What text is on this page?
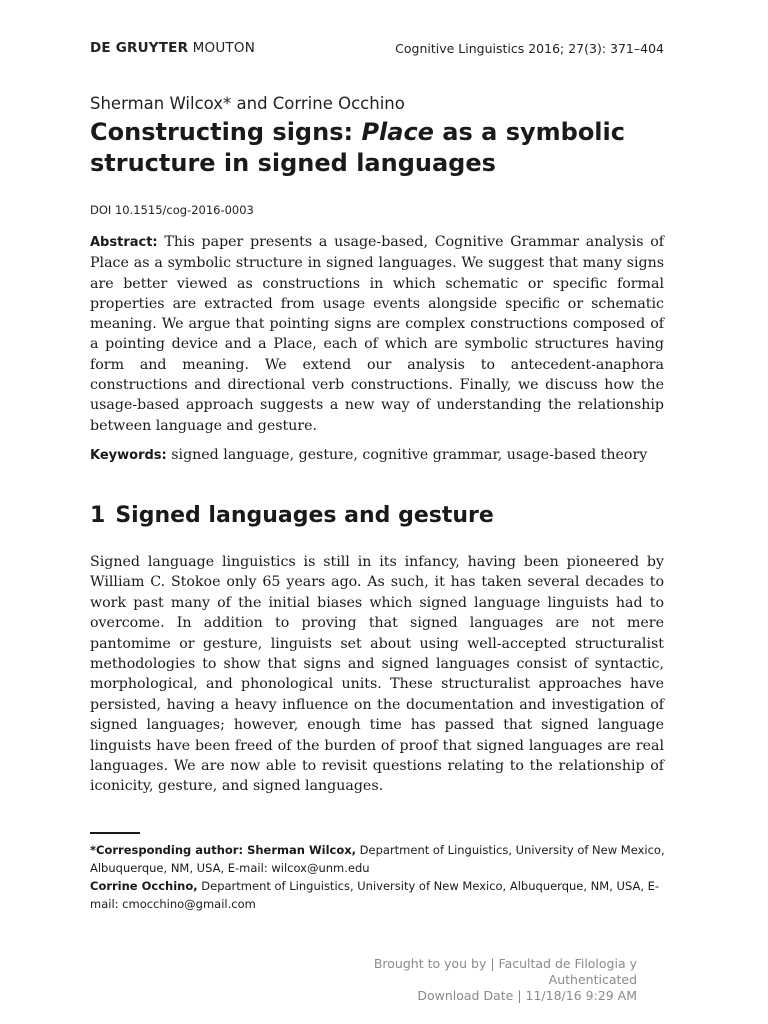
DE GRUYTER MOUTON	Cognitive Linguistics 2016; 27(3): 371–404
Sherman Wilcox* and Corrine Occhino
Constructing signs: Place as a symbolic structure in signed languages
DOI 10.1515/cog-2016-0003

Abstract: This paper presents a usage-based, Cognitive Grammar analysis of Place as a symbolic structure in signed languages. We suggest that many signs are better viewed as constructions in which schematic or specific formal properties are extracted from usage events alongside specific or schematic meaning. We argue that pointing signs are complex constructions composed of a pointing device and a Place, each of which are symbolic structures having form and meaning. We extend our analysis to antecedent-anaphora constructions and directional verb constructions. Finally, we discuss how the usage-based approach suggests a new way of understanding the relationship between language and gesture.

Keywords: signed language, gesture, cognitive grammar, usage-based theory

1 Signed languages and gesture

Signed language linguistics is still in its infancy, having been pioneered by William C. Stokoe only 65 years ago. As such, it has taken several decades to work past many of the initial biases which signed language linguists had to overcome. In addition to proving that signed languages are not mere pantomime or gesture, linguists set about using well-accepted structuralist methodologies to show that signs and signed languages consist of syntactic, morphological, and phonological units. These structuralist approaches have persisted, having a heavy influence on the documentation and investigation of signed languages; however, enough time has passed that signed language linguists have been freed of the burden of proof that signed languages are real languages. We are now able to revisit questions relating to the relationship of iconicity, gesture, and signed languages.

*Corresponding author: Sherman Wilcox, Department of Linguistics, University of New Mexico, Albuquerque, NM, USA, E-mail: wilcox@unm.edu
Corrine Occhino, Department of Linguistics, University of New Mexico, Albuquerque, NM, USA, E-mail: cmocchino@gmail.com
Brought to you by | Facultad de Filologia y
Authenticated
Download Date | 11/18/16 9:29 AM
